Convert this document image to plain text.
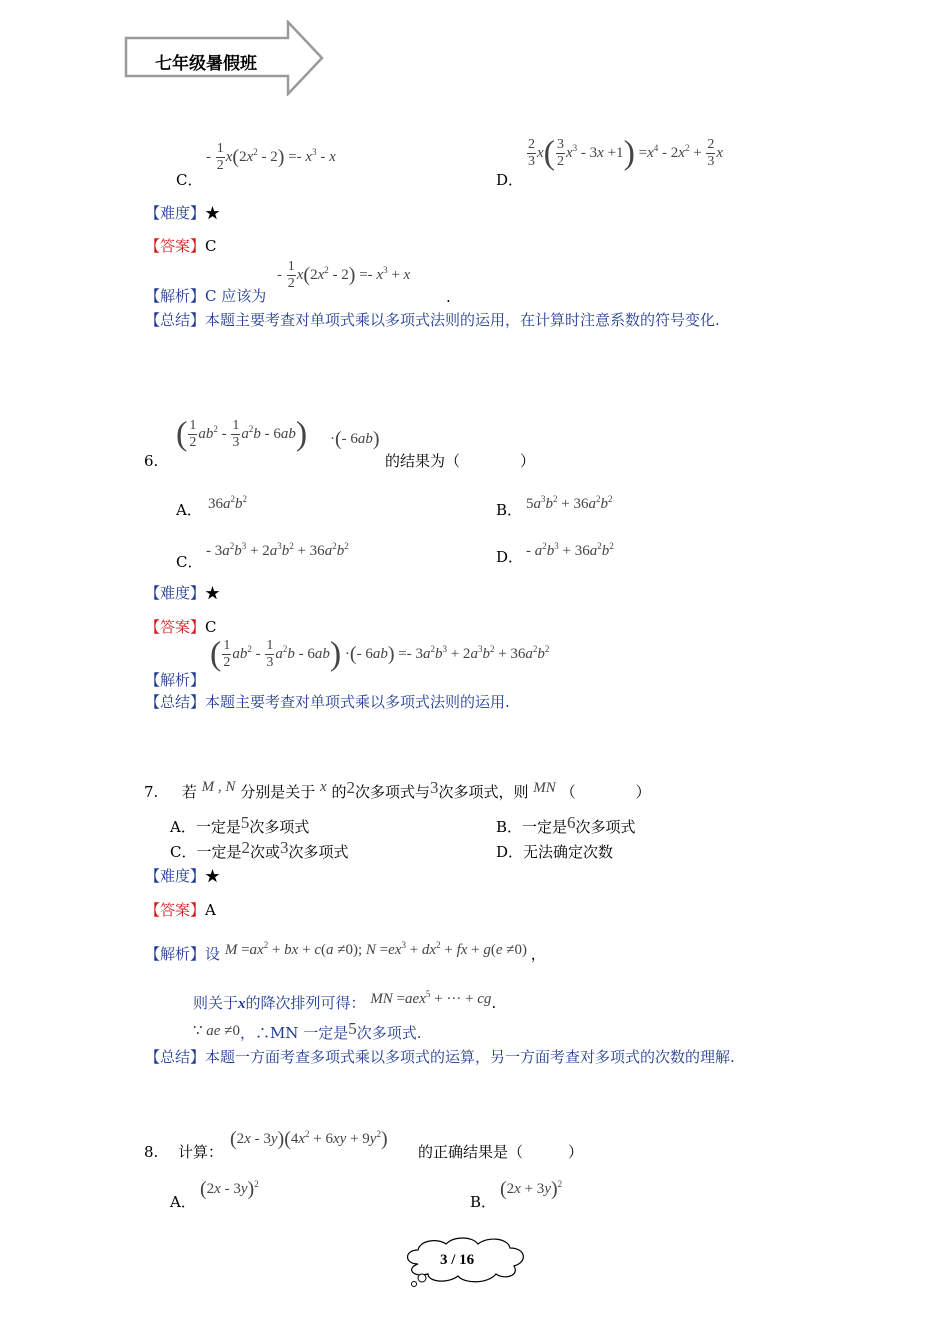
七年级暑假班
C．
- $\frac{1}{2} x(2x^2 - 2) =- x^3 - x$
D．
$\frac{2}{3} x( \frac{3}{2} x^3 - 3x +1) =x^4 - 2x^2 + \frac{2}{3}$ x
【难度】★
【答案】C
【解析】C 应该为
- $\frac{1}{2} x(2x^2 - 2) =- x^3 + x$
.
【总结】本题主要考查对单项式乘以多项式法则的运用，在计算时注意系数的符号变化.
6.
( $\frac{1}{2} ab^2 - \frac{1}{3} a^2b - 6ab$) ·(- 6ab)
的结果为（　　　　）
A． $36a^2b^2$
B． $5a^3b^2 + 36a^2b^2$
C．
- $3a^2b^3 + 2a^3b^2 + 36a^2b^2$
D． - $a^2b^3 + 36a^2b^2$
【难度】★
【答案】C
【解析】
( $\frac{1}{2} ab^2 - \frac{1}{3} a^2b - 6ab$) ·(- $6ab) =- 3a^2b^3 + 2a^3b^2 + 36a^2b^2$
【总结】本题主要考查对单项式乘以多项式法则的运用.
7. 若 M , N 分别是关于 x 的2次多项式与3次多项式，则 MN （　　　　）
A．一定是5次多项式	B．一定是6次多项式
C．一定是2次或3次多项式	D．无法确定次数
【难度】★
【答案】A
【解析】设 $M =ax^2$ + bx + c(a ≠0); $N =ex^3 + dx^2$ + fx + g(e ≠0) ，
则关于x的降次排列可得： MN =aex$^5$ + ··· + cg.
∵ ae ≠0，∴MN 一定是5次多项式.
【总结】本题一方面考查多项式乘以多项式的运算，另一方面考查对多项式的次数的理解.
8. 计算：
$(2x - 3y)(4x^2 + 6xy + 9y^2)$
的正确结果是（　　　）
A．
(2x - 3y)$^2$
B．
$(2x + 3y)^2$
3 / 16
